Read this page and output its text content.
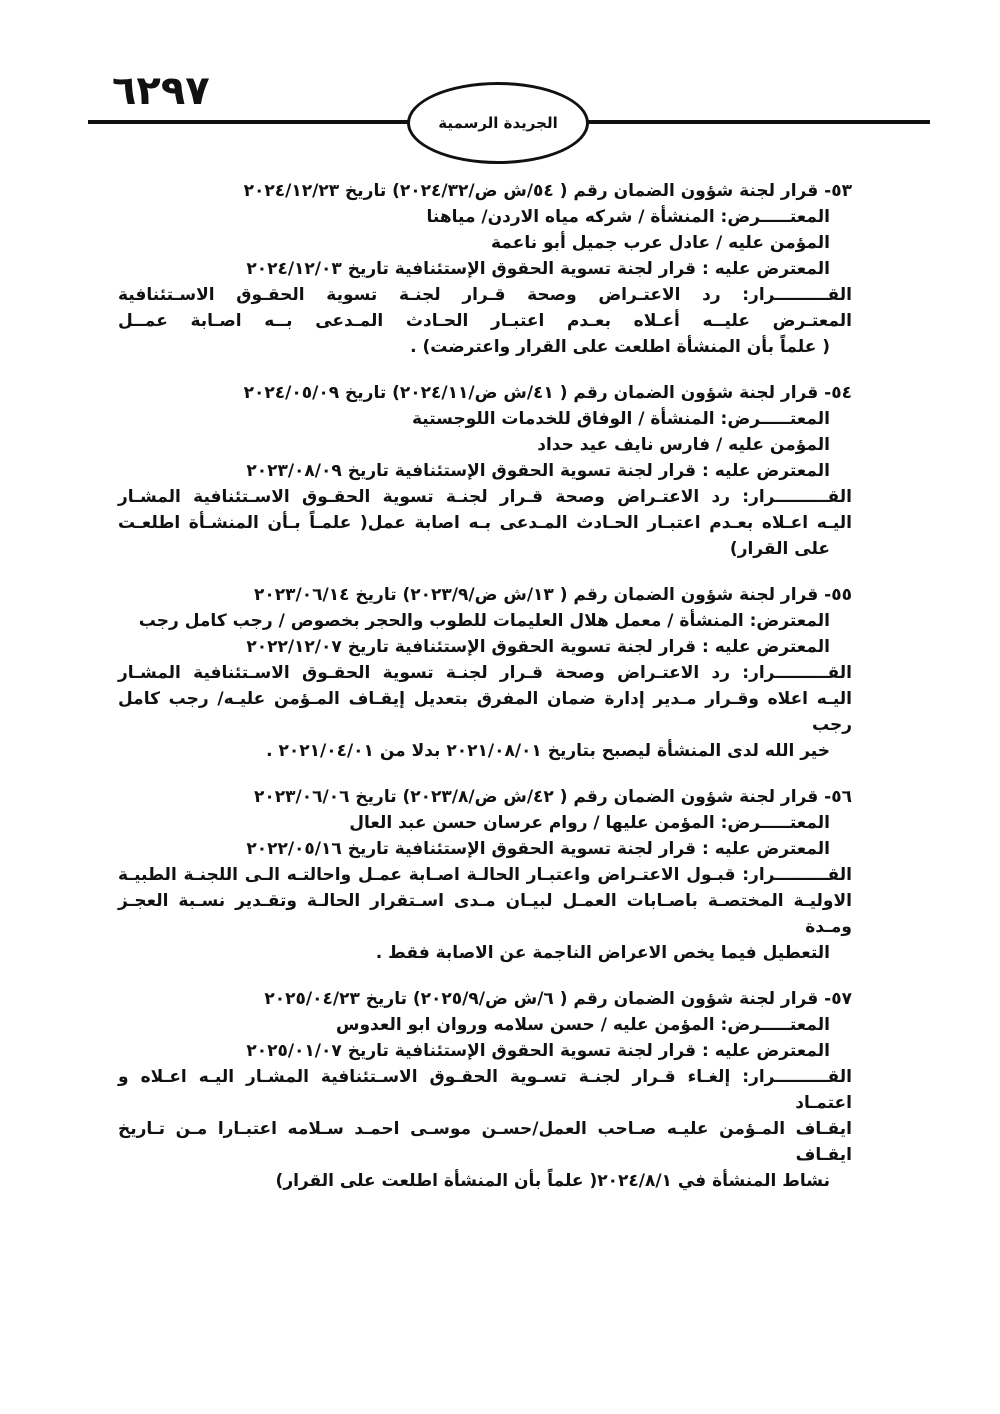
٦٢٩٧
الجريدة الرسمية
٥٣- قرار لجنة شؤون الضمان رقم ( ٥٤/ش ض/٢٠٢٤/٣٢) تاريخ ٢٠٢٤/١٢/٢٣
المعتـــــرض: المنشأة / شركه مياه الاردن/ مياهنا
المؤمن عليه / عادل عرب جميل أبو ناعمة
المعترض عليه : قرار لجنة تسوية الحقوق الإستئنافية تاريخ ٢٠٢٤/١٢/٠٣
القـــــــــرار: رد الاعتـراض وصحة قـرار لجنـة تسوية الحقـوق الاسـتئنافية
المعتـرض عليــه أعـلاه بعـدم اعتبـار الحـادث المـدعى بــه اصـابة عمــل
( علماً بأن المنشأة اطلعت على القرار واعترضت) .
٥٤- قرار لجنة شؤون الضمان رقم ( ٤١/ش ض/٢٠٢٤/١١) تاريخ ٢٠٢٤/٠٥/٠٩
المعتـــــرض: المنشأة / الوفاق للخدمات اللوجستية
المؤمن عليه / فارس نايف عيد حداد
المعترض عليه : قرار لجنة تسوية الحقوق الإستئنافية تاريخ ٢٠٢٣/٠٨/٠٩
القـــــــــرار: رد الاعتـراض وصحة قـرار لجنـة تسوية الحقـوق الاسـتئنافية المشـار
اليـه اعـلاه بعـدم اعتبـار الحـادث المـدعى بـه اصابة عمل( علمـاً بـأن المنشـأة اطلعـت
على القرار)
٥٥- قرار لجنة شؤون الضمان رقم ( ١٣/ش ض/٢٠٢٣/٩) تاريخ ٢٠٢٣/٠٦/١٤
المعترض: المنشأة / معمل هلال العليمات للطوب والحجر بخصوص / رجب كامل رجب
المعترض عليه : قرار لجنة تسوية الحقوق الإستئنافية تاريخ ٢٠٢٢/١٢/٠٧
القـــــــــرار: رد الاعتـراض وصحة قـرار لجنـة تسوية الحقـوق الاسـتئنافية المشـار
اليـه اعلاه وقـرار مـدير إدارة ضمان المفرق بتعديل إيقـاف المـؤمن عليـه/ رجب كامل رجب
خير الله لدى المنشأة ليصبح بتاريخ ٢٠٢١/٠٨/٠١ بدلا من ٢٠٢١/٠٤/٠١ .
٥٦- قرار لجنة شؤون الضمان رقم ( ٤٢/ش ض/٢٠٢٣/٨) تاريخ ٢٠٢٣/٠٦/٠٦
المعتـــــرض: المؤمن عليها / روام عرسان حسن عبد العال
المعترض عليه : قرار لجنة تسوية الحقوق الإستئنافية تاريخ ٢٠٢٢/٠٥/١٦
القـــــــــرار: قبـول الاعتـراض واعتبـار الحالـة اصـابة عمـل واحالتـه الـى اللجنـة الطبيـة
الاوليـة المختصـة باصـابات العمـل لبيـان مـدى اسـتقرار الحالـة وتقـدير نسـبة العجـز ومـدة
التعطيل فيما يخص الاعراض الناجمة عن الاصابة فقط .
٥٧- قرار لجنة شؤون الضمان رقم ( ٦/ش ض/٢٠٢٥/٩) تاريخ ٢٠٢٥/٠٤/٢٣
المعتـــــرض: المؤمن عليه / حسن سلامه وروان ابو العدوس
المعترض عليه : قرار لجنة تسوية الحقوق الإستئنافية تاريخ ٢٠٢٥/٠١/٠٧
القـــــــــرار: إلغـاء قـرار لجنـة تسـوية الحقـوق الاسـتئنافية المشـار اليـه اعـلاه و اعتمـاد
ايقـاف المـؤمن عليـه صـاحب العمل/حسـن موسـى احمـد سـلامه اعتبـارا مـن تـاريخ ايقـاف
نشاط المنشأة في ٢٠٢٤/٨/١( علماً بأن المنشأة اطلعت على القرار)
